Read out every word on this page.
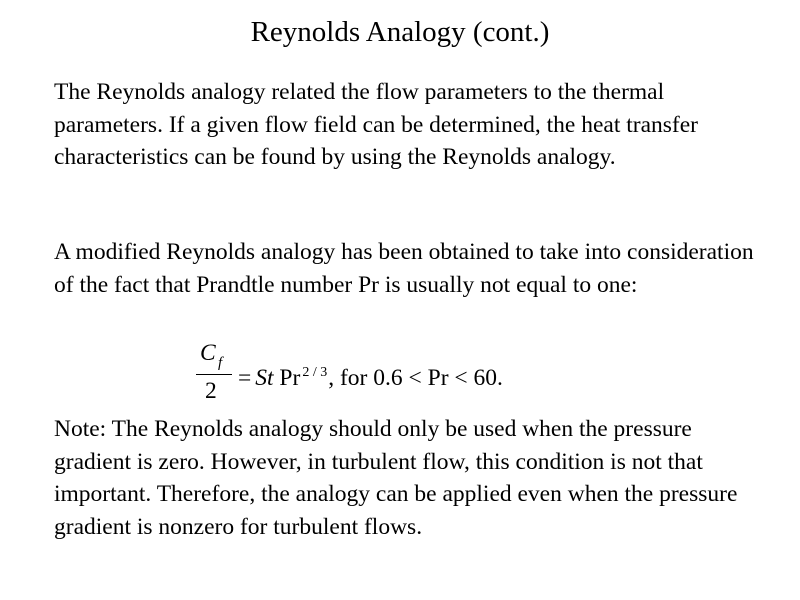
Reynolds Analogy (cont.)

The Reynolds analogy related the flow parameters to the thermal parameters. If a given flow field can be determined, the heat transfer characteristics can be found by using the Reynolds analogy.

A modified Reynolds analogy has been obtained to take into consideration of the fact that Prandtle number Pr is usually not equal to one:

C f
2 = St Pr $^{2 / 3}$, for 0.6 < Pr < 60.

Note: The Reynolds analogy should only be used when the pressure gradient is zero. However, in turbulent flow, this condition is not that important. Therefore, the analogy can be applied even when the pressure gradient is nonzero for turbulent flows.
